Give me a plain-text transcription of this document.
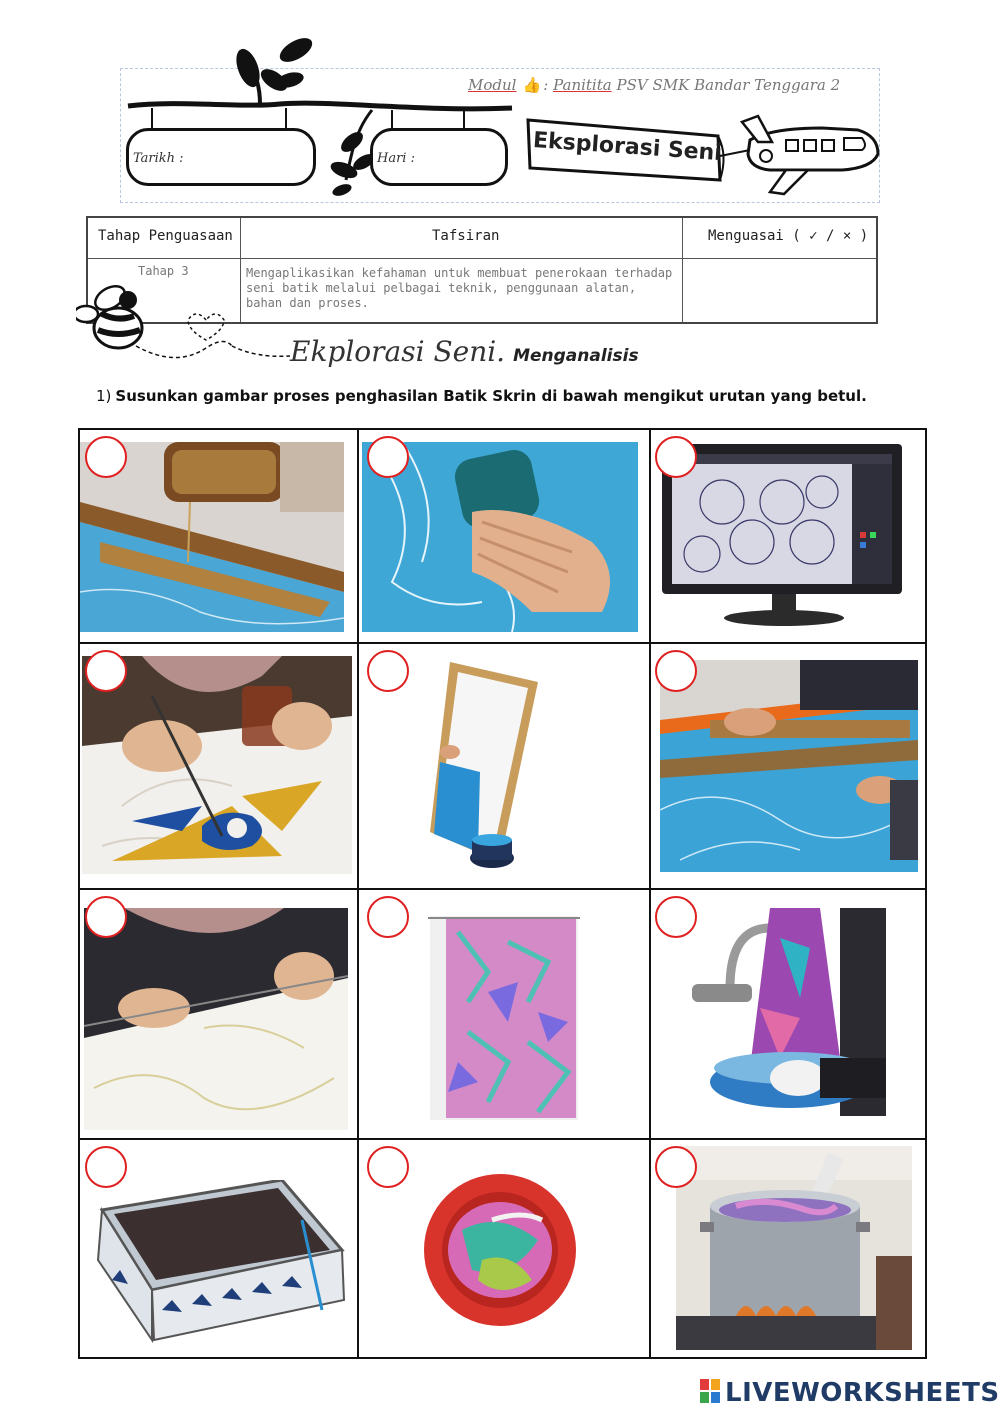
Tarikh :	Hari :
Modul 👍 : Panitita PSV SMK Bandar Tenggara 2
Eksplorasi Seni
Tahap Penguasaan	Tafsiran	Menguasai ( ✓ / × )
Tahap 3	Mengaplikasikan kefahaman untuk membuat penerokaan terhadap seni batik melalui pelbagai teknik, penggunaan alatan, bahan dan proses.
Ekplorasi Seni. Menganalisis
1) Susunkan gambar proses penghasilan Batik Skrin di bawah mengikut urutan yang betul.
LIVEWORKSHEETS
